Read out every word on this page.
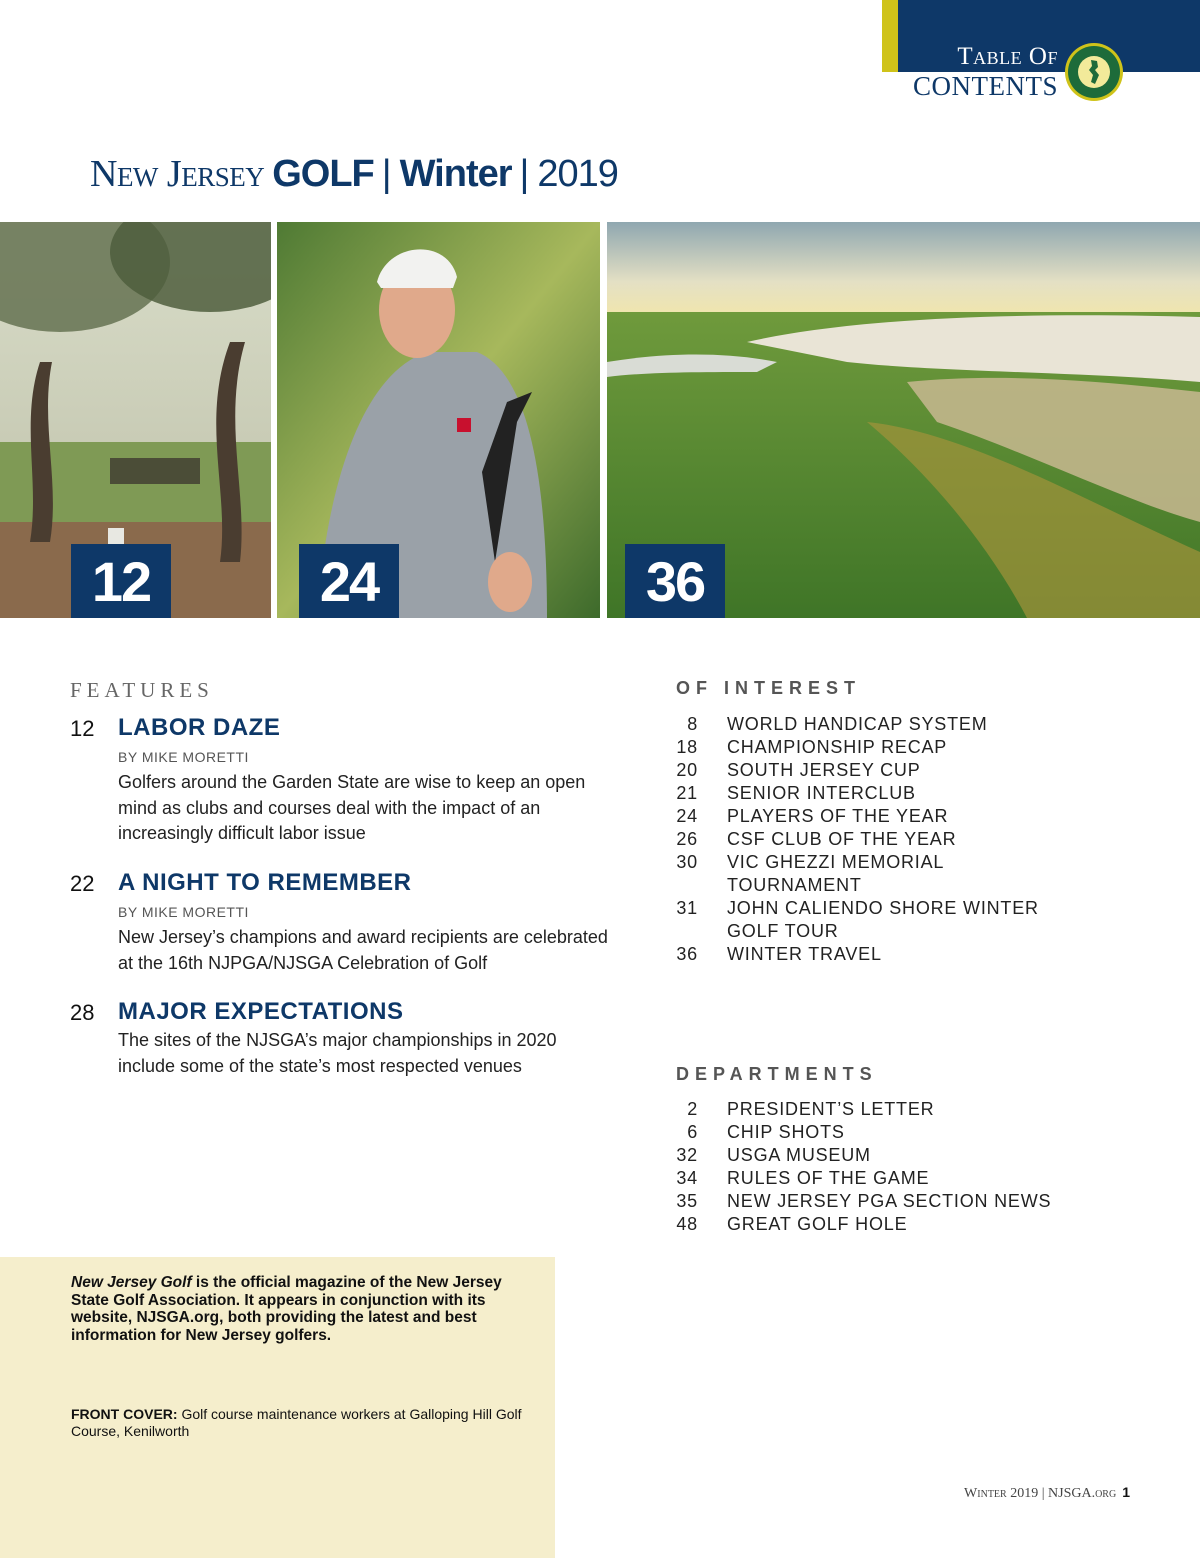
Table Of
CONTENTS
New Jersey GOLF | Winter | 2019
12	24	36
FEATURES
12 LABOR DAZE
BY MIKE MORETTI
Golfers around the Garden State are wise to keep an open mind as clubs and courses deal with the impact of an increasingly difficult labor issue
22 A NIGHT TO REMEMBER
BY MIKE MORETTI
New Jersey’s champions and award recipients are celebrated at the 16th NJPGA/NJSGA Celebration of Golf
28 MAJOR EXPECTATIONS
The sites of the NJSGA’s major championships in 2020 include some of the state’s most respected venues
OF INTEREST
8 WORLD HANDICAP SYSTEM
18 CHAMPIONSHIP RECAP
20 SOUTH JERSEY CUP
21 SENIOR INTERCLUB
24 PLAYERS OF THE YEAR
26 CSF CLUB OF THE YEAR
30 VIC GHEZZI MEMORIAL TOURNAMENT
31 JOHN CALIENDO SHORE WINTER GOLF TOUR
36 WINTER TRAVEL
DEPARTMENTS
2 PRESIDENT’S LETTER
6 CHIP SHOTS
32 USGA MUSEUM
34 RULES OF THE GAME
35 NEW JERSEY PGA SECTION NEWS
48 GREAT GOLF HOLE
New Jersey Golf is the official magazine of the New Jersey State Golf Association. It appears in conjunction with its website, NJSGA.org, both providing the latest and best information for New Jersey golfers.
FRONT COVER: Golf course maintenance workers at Galloping Hill Golf Course, Kenilworth
Winter 2019 | NJSGA.org 1
